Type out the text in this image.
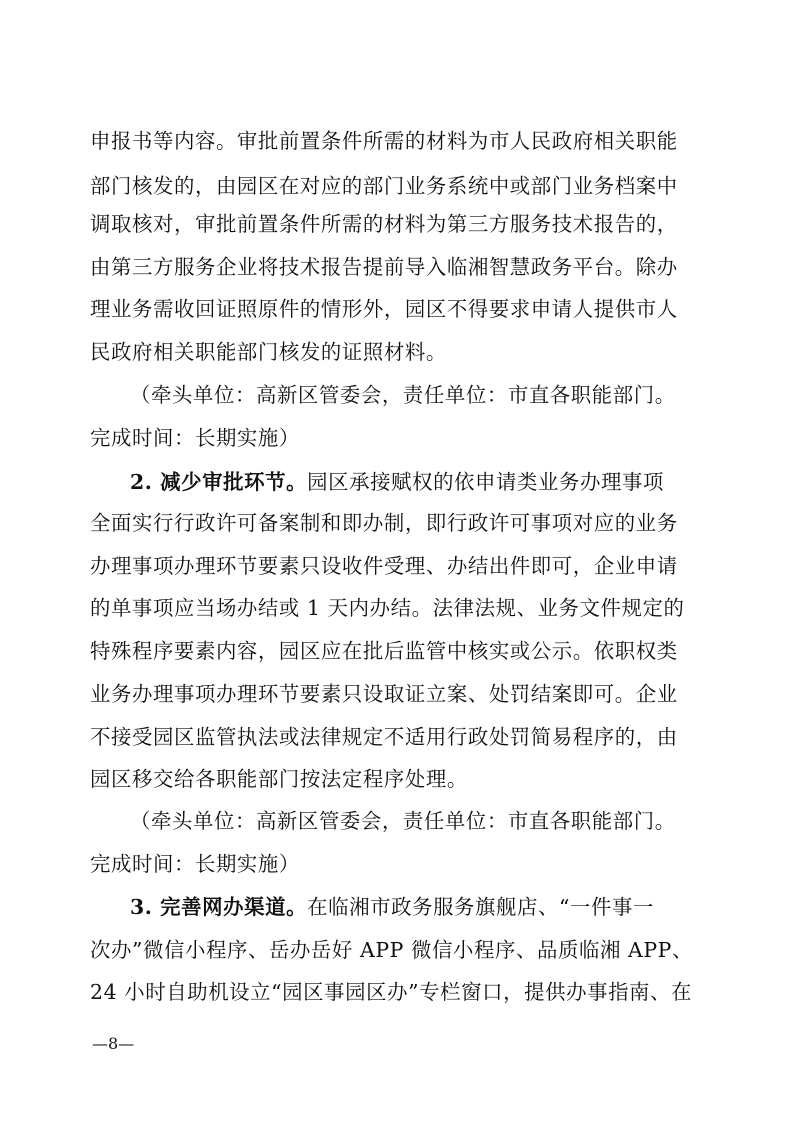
申报书等内容。审批前置条件所需的材料为市人民政府相关职能
部门核发的，由园区在对应的部门业务系统中或部门业务档案中
调取核对，审批前置条件所需的材料为第三方服务技术报告的，
由第三方服务企业将技术报告提前导入临湘智慧政务平台。除办
理业务需收回证照原件的情形外，园区不得要求申请人提供市人
民政府相关职能部门核发的证照材料。
（牵头单位：高新区管委会，责任单位：市直各职能部门。
完成时间：长期实施）
2. 减少审批环节。园区承接赋权的依申请类业务办理事项
全面实行行政许可备案制和即办制，即行政许可事项对应的业务
办理事项办理环节要素只设收件受理、办结出件即可，企业申请
的单事项应当场办结或 1 天内办结。法律法规、业务文件规定的
特殊程序要素内容，园区应在批后监管中核实或公示。依职权类
业务办理事项办理环节要素只设取证立案、处罚结案即可。企业
不接受园区监管执法或法律规定不适用行政处罚简易程序的，由
园区移交给各职能部门按法定程序处理。
（牵头单位：高新区管委会，责任单位：市直各职能部门。
完成时间：长期实施）
3. 完善网办渠道。在临湘市政务服务旗舰店、“一件事一
次办”微信小程序、岳办岳好 APP 微信小程序、品质临湘 APP、
24 小时自助机设立“园区事园区办”专栏窗口，提供办事指南、在
—8—
